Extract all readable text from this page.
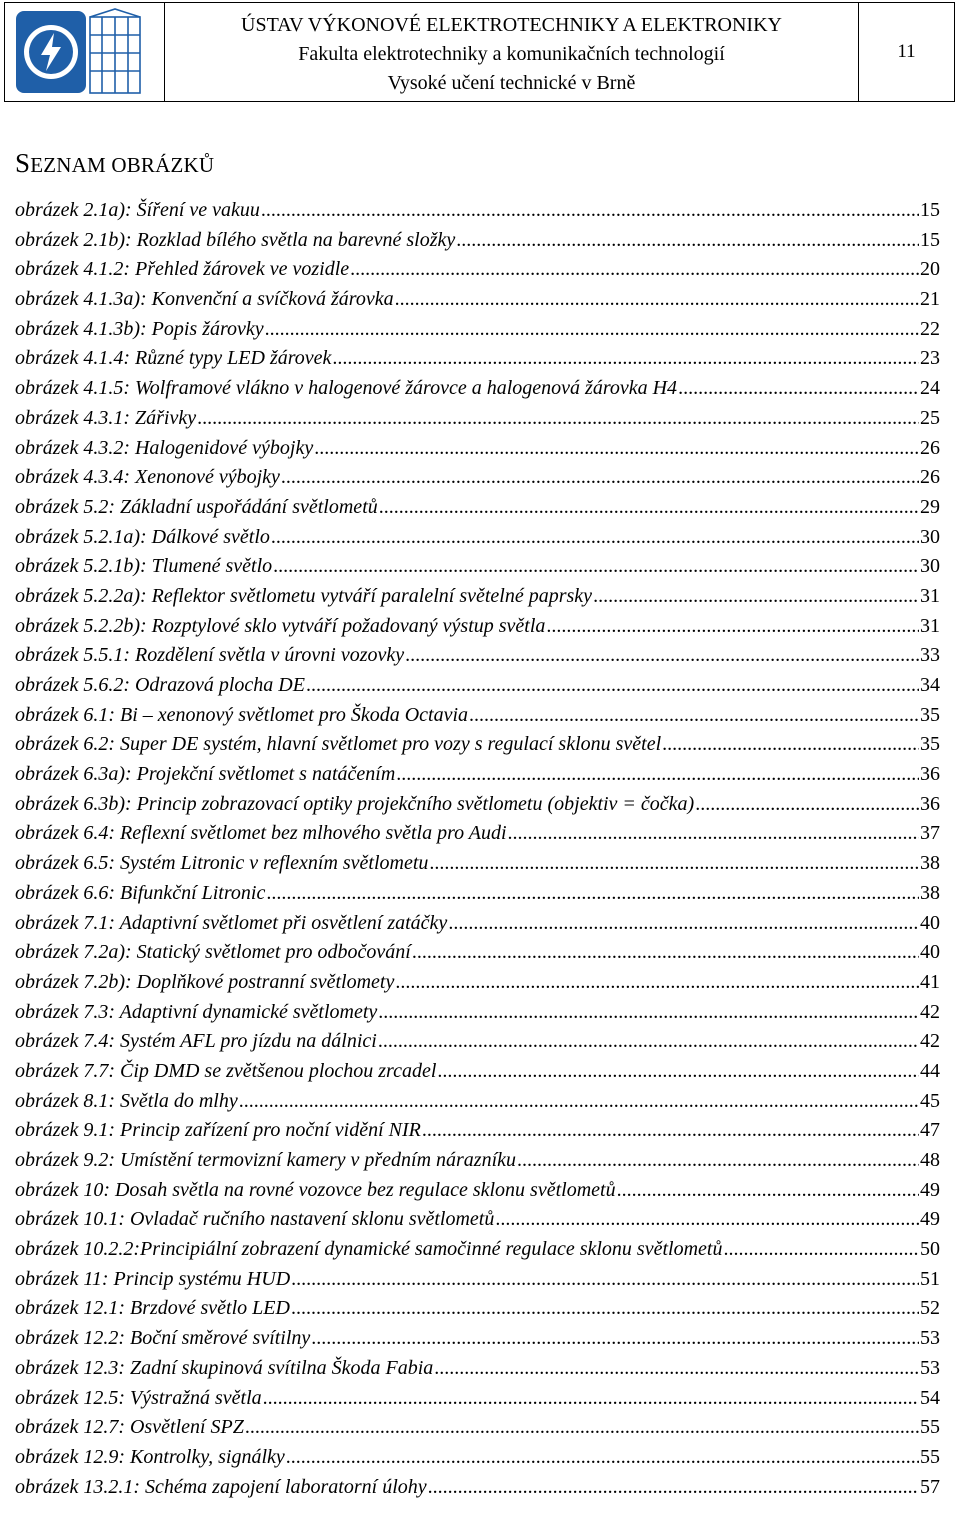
ÚSTAV VÝKONOVÉ ELEKTROTECHNIKY A ELEKTRONIKY
Fakulta elektrotechniky a komunikačních technologií
Vysoké učení technické v Brně
11
SEZNAM OBRÁZKŮ
obrázek 2.1a): Šíření ve vakuu .....	15
obrázek 2.1b): Rozklad bílého světla na barevné složky .....	15
obrázek 4.1.2: Přehled žárovek ve vozidle .....	20
obrázek 4.1.3a): Konvenční a svíčková žárovka .....	21
obrázek 4.1.3b): Popis žárovky .....	22
obrázek 4.1.4: Různé typy LED žárovek .....	23
obrázek 4.1.5: Wolframové vlákno v halogenové žárovce a halogenová žárovka H4 .....	24
obrázek 4.3.1: Zářivky .....	25
obrázek 4.3.2: Halogenidové výbojky .....	26
obrázek 4.3.4: Xenonové výbojky .....	26
obrázek 5.2: Základní uspořádání světlometů .....	29
obrázek 5.2.1a): Dálkové světlo .....	30
obrázek 5.2.1b): Tlumené světlo .....	30
obrázek 5.2.2a): Reflektor světlometu vytváří paralelní světelné paprsky .....	31
obrázek 5.2.2b): Rozptylové sklo vytváří požadovaný výstup světla .....	31
obrázek 5.5.1: Rozdělení světla v úrovni vozovky .....	33
obrázek 5.6.2: Odrazová plocha DE .....	34
obrázek 6.1: Bi – xenonový světlomet pro Škoda Octavia .....	35
obrázek 6.2: Super DE systém, hlavní světlomet pro vozy s regulací sklonu světel .....	35
obrázek 6.3a): Projekční světlomet s natáčením .....	36
obrázek 6.3b): Princip zobrazovací optiky projekčního světlometu (objektiv = čočka) .....	36
obrázek 6.4: Reflexní světlomet bez mlhového světla pro Audi .....	37
obrázek 6.5: Systém Litronic v reflexním světlometu .....	38
obrázek 6.6: Bifunkční Litronic .....	38
obrázek 7.1: Adaptivní světlomet při osvětlení zatáčky .....	40
obrázek 7.2a): Statický světlomet pro odbočování .....	40
obrázek 7.2b): Doplňkové postranní světlomety .....	41
obrázek 7.3: Adaptivní dynamické světlomety .....	42
obrázek 7.4: Systém AFL pro jízdu na dálnici .....	42
obrázek 7.7: Čip DMD se zvětšenou plochou zrcadel .....	44
obrázek 8.1: Světla do mlhy .....	45
obrázek 9.1: Princip zařízení pro noční vidění NIR .....	47
obrázek 9.2: Umístění termovizní kamery v předním nárazníku .....	48
obrázek 10: Dosah světla na rovné vozovce bez regulace sklonu světlometů .....	49
obrázek 10.1: Ovladač ručního nastavení sklonu světlometů .....	49
obrázek 10.2.2:Principiální zobrazení dynamické samočinné regulace sklonu světlometů .....	50
obrázek 11: Princip systému HUD .....	51
obrázek 12.1: Brzdové světlo LED .....	52
obrázek 12.2: Boční směrové svítilny .....	53
obrázek 12.3: Zadní skupinová svítilna Škoda Fabia .....	53
obrázek 12.5: Výstražná světla .....	54
obrázek 12.7: Osvětlení SPZ .....	55
obrázek 12.9: Kontrolky, signálky .....	55
obrázek 13.2.1: Schéma zapojení laboratorní úlohy .....	57
